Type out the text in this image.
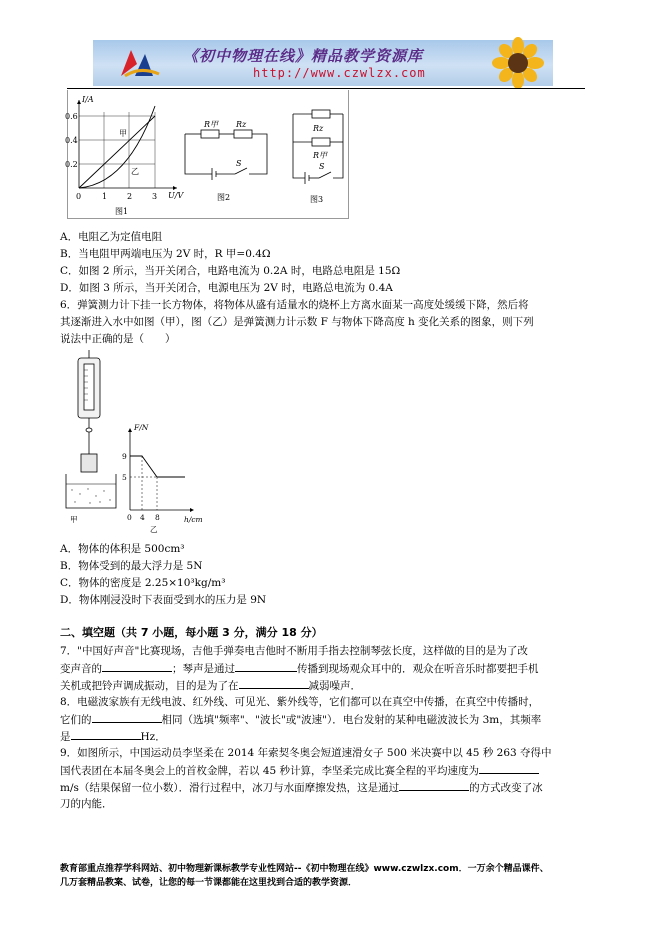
《初中物理在线》精品教学资源库
http://www.czwlzx.com
I/A
U/V
0.6
0.4
0.2
0	1 2 3
甲
乙
图1
R甲 Rz
S
图2
Rz
R甲
S
图3
A．电阻乙为定值电阻
B．当电阻甲两端电压为 2V 时，R 甲=0.4Ω
C．如图 2 所示，当开关闭合，电路电流为 0.2A 时，电路总电阻是 15Ω
D．如图 3 所示，当开关闭合，电源电压为 2V 时，电路总电流为 0.4A
6．弹簧测力计下挂一长方物体，将物体从盛有适量水的烧杯上方离水面某一高度处缓缓下降，然后将
其逐渐进入水中如图（甲），图（乙）是弹簧测力计示数 F 与物体下降高度 h 变化关系的图象，则下列
说法中正确的是（　　）
甲
F/N
h/cm
9
5
0 4 8
乙
A．物体的体积是 500cm³
B．物体受到的最大浮力是 5N
C．物体的密度是 2.25×10³kg/m³
D．物体刚浸没时下表面受到水的压力是 9N
二、填空题（共 7 小题，每小题 3 分，满分 18 分）
7．"中国好声音"比赛现场，吉他手弹奏电吉他时不断用手指去控制琴弦长度，这样做的目的是为了改
变声音的	；琴声是通过	传播到现场观众耳中的．观众在听音乐时都要把手机
关机或把铃声调成振动，目的是为了在	减弱噪声．
8．电磁波家族有无线电波、红外线、可见光、紫外线等，它们都可以在真空中传播，在真空中传播时，
它们的	相同（选填"频率"、"波长"或"波速"）．电台发射的某种电磁波波长为 3m，其频率
是	Hz．
9．如图所示，中国运动员李坚柔在 2014 年索契冬奥会短道速滑女子 500 米决赛中以 45 秒 263 夺得中
国代表团在本届冬奥会上的首枚金牌，若以 45 秒计算，李坚柔完成比赛全程的平均速度为
m/s（结果保留一位小数）．滑行过程中，冰刀与水面摩擦发热，这是通过	的方式改变了冰
刀的内能．
教育部重点推荐学科网站、初中物理新课标教学专业性网站--《初中物理在线》www.czwlzx.com．一万余个精品课件、
几万套精品教案、试卷，让您的每一节课都能在这里找到合适的教学资源．
